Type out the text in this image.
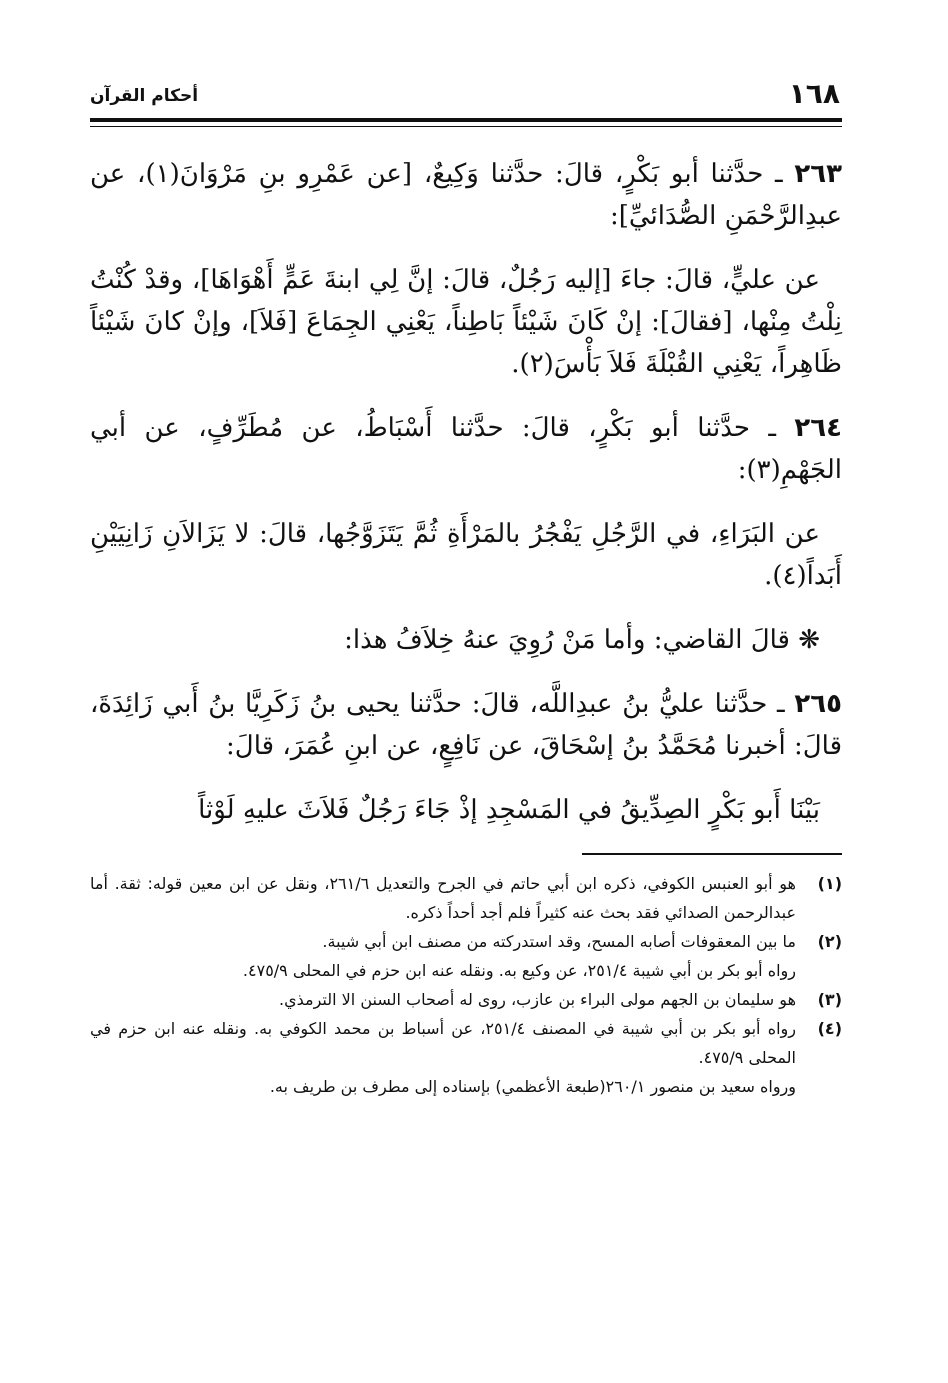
١٦٨
أحكام القرآن

٢٦٣ ـ حدَّثنا أبو بَكْرٍ، قالَ: حدَّثنا وَكِيعٌ، [عن عَمْرِو بنِ مَرْوَانَ(١)، عن عبدِالرَّحْمَنِ الصُّدَائيِّ]:

عن عليٍّ، قالَ: جاءَ [إليه رَجُلٌ، قالَ: إنَّ لِي ابنةَ عَمٍّ أَهْوَاهَا]، وقدْ كُنْتُ نِلْتُ مِنْها، [فقالَ]: إنْ كَانَ شَيْئاً بَاطِناً، يَعْنِي الجِمَاعَ [فَلاَ]، وإنْ كانَ شَيْئاً ظَاهِراً، يَعْنِي القُبْلَةَ فَلاَ بَأْسَ(٢).

٢٦٤ ـ حدَّثنا أبو بَكْرٍ، قالَ: حدَّثنا أَسْبَاطُ، عن مُطَرِّفٍ، عن أبي الجَهْمِ(٣):

عن البَرَاءِ، في الرَّجُلِ يَفْجُرُ بالمَرْأَةِ ثُمَّ يَتَزَوَّجُها، قالَ: لا يَزَالاَنِ زَانِيَيْنِ أَبَداً(٤).

❋ قالَ القاضي: وأما مَنْ رُوِيَ عنهُ خِلاَفُ هذا:

٢٦٥ ـ حدَّثنا عليُّ بنُ عبدِاللَّه، قالَ: حدَّثنا يحيى بنُ زَكَرِيَّا بنُ أَبي زَائِدَةَ، قالَ: أخبرنا مُحَمَّدُ بنُ إسْحَاقَ، عن نَافِعٍ، عن ابنِ عُمَرَ، قالَ:

بَيْنَا أَبو بَكْرٍ الصِدِّيقُ في المَسْجِدِ إذْ جَاءَ رَجُلٌ فَلاَثَ عليهِ لَوْثاً

(١)
هو أبو العنبس الكوفي، ذكره ابن أبي حاتم في الجرح والتعديل ٢٦١/٦، ونقل عن ابن معين قوله: ثقة. أما عبدالرحمن الصدائي فقد بحث عنه كثيراً فلم أجد أحداً ذكره.
(٢)
ما بين المعقوفات أصابه المسح، وقد استدركته من مصنف ابن أبي شيبة.
رواه أبو بكر بن أبي شيبة ٢٥١/٤، عن وكيع به. ونقله عنه ابن حزم في المحلى ٤٧٥/٩.
(٣)
هو سليمان بن الجهم مولى البراء بن عازب، روى له أصحاب السنن الا الترمذي.
(٤)
رواه أبو بكر بن أبي شيبة في المصنف ٢٥١/٤، عن أسباط بن محمد الكوفي به. ونقله عنه ابن حزم في المحلى ٤٧٥/٩.
ورواه سعيد بن منصور ٢٦٠/١(طبعة الأعظمي) بإسناده إلى مطرف بن طريف به.
